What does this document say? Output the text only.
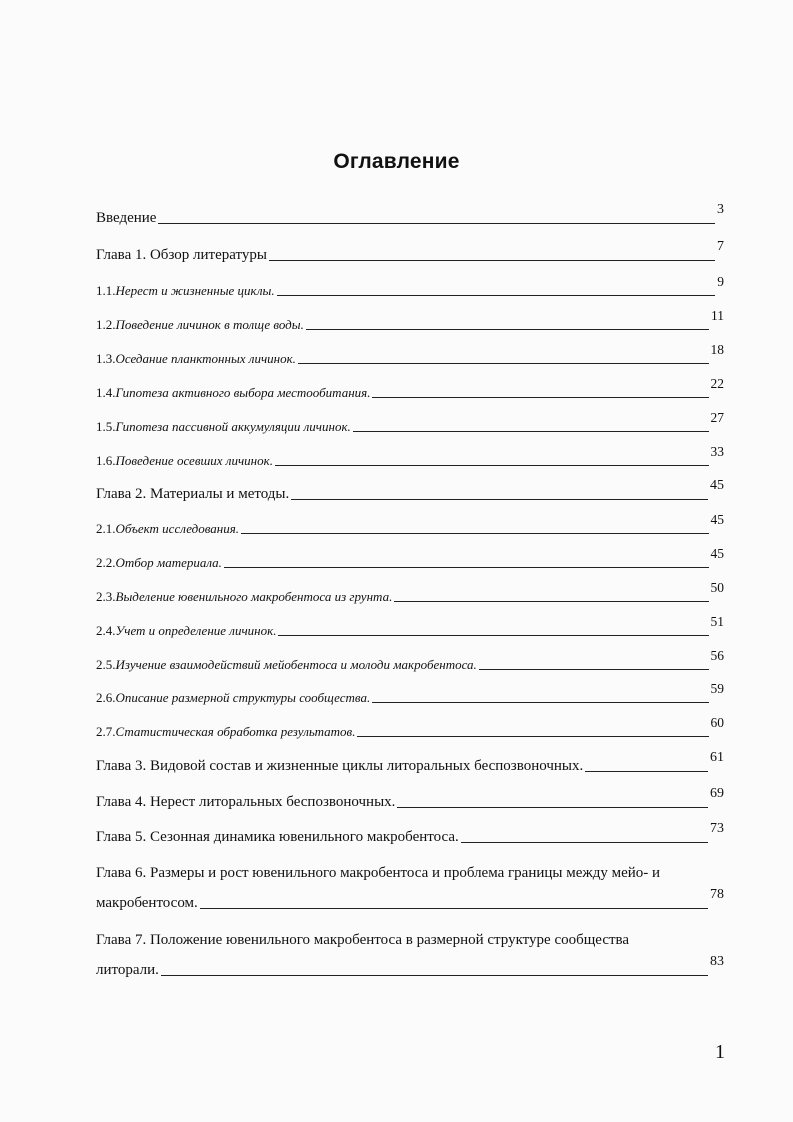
Оглавление
Введение
3
Глава 1. Обзор литературы
7
1.1. Нерест и жизненные циклы.
9
1.2. Поведение личинок в толще воды.
11
1.3. Оседание планктонных личинок.
18
1.4. Гипотеза активного выбора местообитания.
22
1.5. Гипотеза пассивной аккумуляции личинок.
27
1.6. Поведение осевших личинок.
33
Глава 2. Материалы и методы.
45
2.1. Объект исследования.
45
2.2. Отбор материала.
45
2.3. Выделение ювенильного макробентоса из грунта.
50
2.4. Учет и определение личинок.
51
2.5. Изучение взаимодействий мейобентоса и молоди макробентоса.
56
2.6. Описание размерной структуры сообщества.
59
2.7. Статистическая обработка результатов.
60
Глава 3. Видовой состав и жизненные циклы литоральных беспозвоночных.
61
Глава 4. Нерест литоральных беспозвоночных.
69
Глава 5. Сезонная динамика ювенильного макробентоса.
73
Глава 6. Размеры и рост ювенильного макробентоса и проблема границы между мейо- и
макробентосом.
78
Глава 7. Положение ювенильного макробентоса в размерной структуре сообщества
литорали.
83
1
